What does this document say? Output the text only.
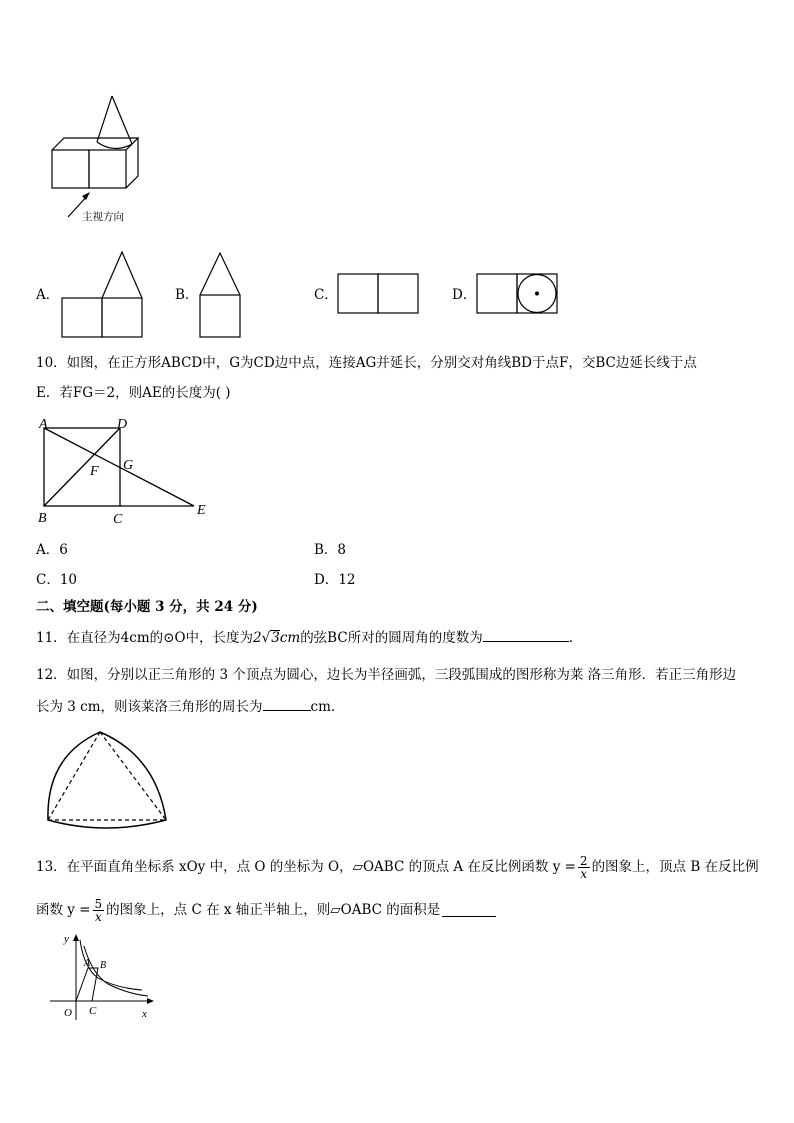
主视方向
A．	B．	C．	D．
10．如图，在正方形ABCD中，G为CD边中点，连接AG并延长，分别交对角线BD于点F，交BC边延长线于点
E．若FG＝2，则AE的长度为( )
A	D
G
F
B	C
E
A．6	B．8
C．10	D．12
二、填空题(每小题 3 分，共 24 分)
11．在直径为4cm的⊙O中，长度为2√3cm的弦BC所对的圆周角的度数为	.
12．如图，分别以正三角形的 3 个顶点为圆心，边长为半径画弧，三段弧围成的图形称为莱 洛三角形．若正三角形边
长为 3 cm，则该莱洛三角形的周长为	cm.
13．在平面直角坐标系 xOy 中，点 O 的坐标为 O，▱OABC 的顶点 A 在反比例函数 $y = \frac{2}{x}$ 的图象上，顶点 B 在反比例
函数 $y = \frac{5}{x}$ 的图象上，点 C 在 x 轴正半轴上，则▱OABC 的面积是
y
x
O
A B
C
